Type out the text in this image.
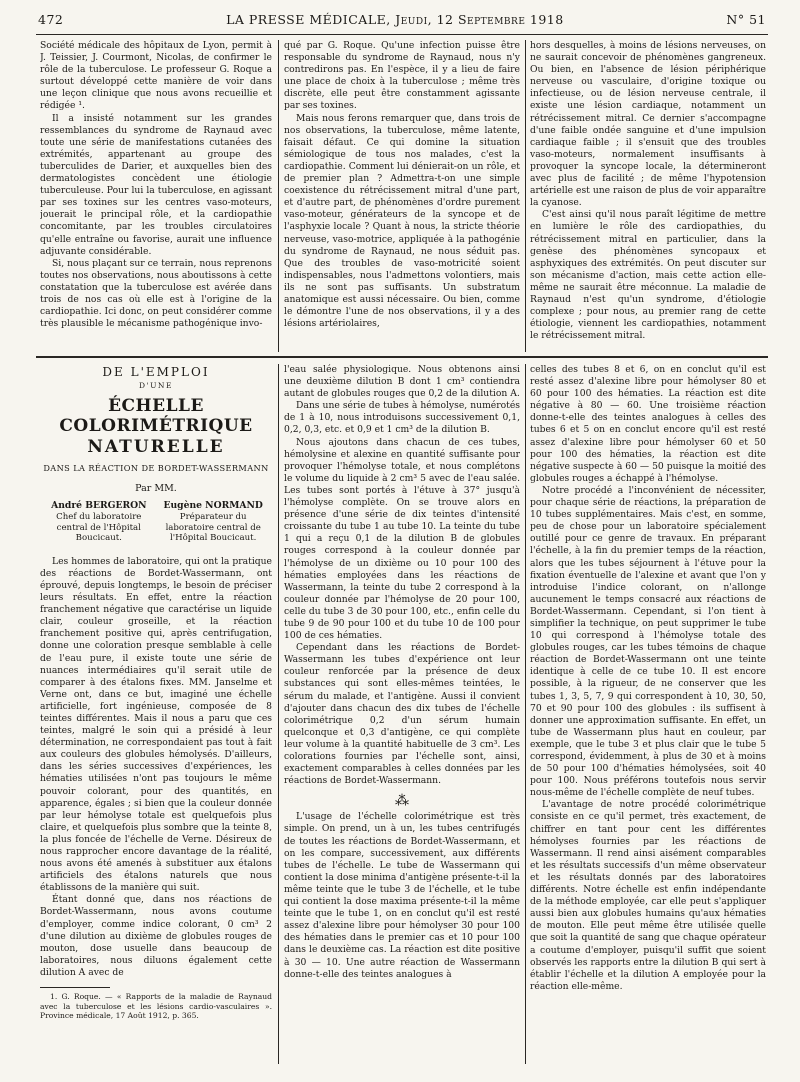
472	LA PRESSE MÉDICALE, Jeudi, 12 Septembre 1918	N° 51

Société médicale des hôpitaux de Lyon, permit à J. Teissier, J. Courmont, Nicolas, de confirmer le rôle de la tuberculose. Le professeur G. Roque a surtout développé cette manière de voir dans une leçon clinique que nous avons recueillie et rédigée ¹.

Il a insisté notamment sur les grandes ressemblances du syndrome de Raynaud avec toute une série de manifestations cutanées des extrémités, appartenant au groupe des tuberculides de Darier, et auxquelles bien des dermatologistes concèdent une étiologie tuberculeuse. Pour lui la tuberculose, en agissant par ses toxines sur les centres vaso-moteurs, jouerait le principal rôle, et la cardiopathie concomitante, par les troubles circulatoires qu'elle entraîne ou favorise, aurait une influence adjuvante considérable.

Si, nous plaçant sur ce terrain, nous reprenons toutes nos observations, nous aboutissons à cette constatation que la tuberculose est avérée dans trois de nos cas où elle est à l'origine de la cardiopathie. Ici donc, on peut considérer comme très plausible le mécanisme pathogénique invo-

qué par G. Roque. Qu'une infection puisse être responsable du syndrome de Raynaud, nous n'y contredirons pas. En l'espèce, il y a lieu de faire une place de choix à la tuberculose ; même très discrète, elle peut être constamment agissante par ses toxines.

Mais nous ferons remarquer que, dans trois de nos observations, la tuberculose, même latente, faisait défaut. Ce qui domine la situation sémiologique de tous nos malades, c'est la cardiopathie. Comment lui dénierait-on un rôle, et de premier plan ? Admettra-t-on une simple coexistence du rétrécissement mitral d'une part, et d'autre part, de phénomènes d'ordre purement vaso-moteur, générateurs de la syncope et de l'asphyxie locale ? Quant à nous, la stricte théorie nerveuse, vaso-motrice, appliquée à la pathogénie du syndrome de Raynaud, ne nous séduit pas. Que des troubles de vaso-motricité soient indispensables, nous l'admettons volontiers, mais ils ne sont pas suffisants. Un substratum anatomique est aussi nécessaire. Ou bien, comme le démontre l'une de nos observations, il y a des lésions artériolaires,

hors desquelles, à moins de lésions nerveuses, on ne saurait concevoir de phénomènes gangreneux. Ou bien, en l'absence de lésion périphérique nerveuse ou vasculaire, d'origine toxique ou infectieuse, ou de lésion nerveuse centrale, il existe une lésion cardiaque, notamment un rétrécissement mitral. Ce dernier s'accompagne d'une faible ondée sanguine et d'une impulsion cardiaque faible ; il s'ensuit que des troubles vaso-moteurs, normalement insuffisants à provoquer la syncope locale, la détermineront avec plus de facilité ; de même l'hypotension artérielle est une raison de plus de voir apparaître la cyanose.

C'est ainsi qu'il nous paraît légitime de mettre en lumière le rôle des cardiopathies, du rétrécissement mitral en particulier, dans la genèse des phénomènes syncopaux et asphyxiques des extrémités. On peut discuter sur son mécanisme d'action, mais cette action elle-même ne saurait être méconnue. La maladie de Raynaud n'est qu'un syndrome, d'étiologie complexe ; pour nous, au premier rang de cette étiologie, viennent les cardiopathies, notamment le rétrécissement mitral.

DE L'EMPLOI
D'UNE
ÉCHELLE COLORIMÉTRIQUE
NATURELLE
DANS LA RÉACTION DE BORDET-WASSERMANN
Par MM.
André BERGERON
Chef du laboratoire central de l'Hôpital Boucicaut.
Eugène NORMAND
Préparateur du laboratoire central de l'Hôpital Boucicaut.

Les hommes de laboratoire, qui ont la pratique des réactions de Bordet-Wassermann, ont éprouvé, depuis longtemps, le besoin de préciser leurs résultats. En effet, entre la réaction franchement négative que caractérise un liquide clair, couleur groseille, et la réaction franchement positive qui, après centrifugation, donne une coloration presque semblable à celle de l'eau pure, il existe toute une série de nuances intermédiaires qu'il serait utile de comparer à des étalons fixes. MM. Janselme et Verne ont, dans ce but, imaginé une échelle artificielle, fort ingénieuse, composée de 8 teintes différentes. Mais il nous a paru que ces teintes, malgré le soin qui a présidé à leur détermination, ne correspondaient pas tout à fait aux couleurs des globules hémolysés. D'ailleurs, dans les séries successives d'expériences, les hématies utilisées n'ont pas toujours le même pouvoir colorant, pour des quantités, en apparence, égales ; si bien que la couleur donnée par leur hémolyse totale est quelquefois plus claire, et quelquefois plus sombre que la teinte 8, la plus foncée de l'échelle de Verne. Désireux de nous rapprocher encore davantage de la réalité, nous avons été amenés à substituer aux étalons artificiels des étalons naturels que nous établissons de la manière qui suit.

Étant donné que, dans nos réactions de Bordet-Wassermann, nous avons coutume d'employer, comme indice colorant, 0 cm³ 2 d'une dilution au dixième de globules rouges de mouton, dose usuelle dans beaucoup de laboratoires, nous diluons également cette dilution A avec de

1. G. Roque. — « Rapports de la maladie de Raynaud avec la tuberculose et les lésions cardio-vasculaires ». Province médicale, 17 Août 1912, p. 365.

l'eau salée physiologique. Nous obtenons ainsi une deuxième dilution B dont 1 cm³ contiendra autant de globules rouges que 0,2 de la dilution A.

Dans une série de tubes à hémolyse, numérotés de 1 à 10, nous introduisons successivement 0,1, 0,2, 0,3, etc. et 0,9 et 1 cm³ de la dilution B.

Nous ajoutons dans chacun de ces tubes, hémolysine et alexine en quantité suffisante pour provoquer l'hémolyse totale, et nous complétons le volume du liquide à 2 cm³ 5 avec de l'eau salée. Les tubes sont portés à l'étuve à 37° jusqu'à l'hémolyse complète. On se trouve alors en présence d'une série de dix teintes d'intensité croissante du tube 1 au tube 10. La teinte du tube 1 qui a reçu 0,1 de la dilution B de globules rouges correspond à la couleur donnée par l'hémolyse de un dixième ou 10 pour 100 des hématies employées dans les réactions de Wassermann, la teinte du tube 2 correspond à la couleur donnée par l'hémolyse de 20 pour 100, celle du tube 3 de 30 pour 100, etc., enfin celle du tube 9 de 90 pour 100 et du tube 10 de 100 pour 100 de ces hématies.

Cependant dans les réactions de Bordet-Wassermann les tubes d'expérience ont leur couleur renforcée par la présence de deux substances qui sont elles-mêmes teintées, le sérum du malade, et l'antigène. Aussi il convient d'ajouter dans chacun des dix tubes de l'échelle colorimétrique 0,2 d'un sérum humain quelconque et 0,3 d'antigène, ce qui complète leur volume à la quantité habituelle de 3 cm³. Les colorations fournies par l'échelle sont, ainsi, exactement comparables à celles données par les réactions de Bordet-Wassermann.

⁂

L'usage de l'échelle colorimétrique est très simple. On prend, un à un, les tubes centrifugés de toutes les réactions de Bordet-Wassermann, et on les compare, successivement, aux différents tubes de l'échelle. Le tube de Wassermann qui contient la dose minima d'antigène présente-t-il la même teinte que le tube 3 de l'échelle, et le tube qui contient la dose maxima présente-t-il la même teinte que le tube 1, on en conclut qu'il est resté assez d'alexine libre pour hémolyser 30 pour 100 des hématies dans le premier cas et 10 pour 100 dans le deuxième cas. La réaction est dite positive à 30 — 10. Une autre réaction de Wassermann donne-t-elle des teintes analogues à

celles des tubes 8 et 6, on en conclut qu'il est resté assez d'alexine libre pour hémolyser 80 et 60 pour 100 des hématies. La réaction est dite négative à 80 — 60. Une troisième réaction donne-t-elle des teintes analogues à celles des tubes 6 et 5 on en conclut encore qu'il est resté assez d'alexine libre pour hémolyser 60 et 50 pour 100 des hématies, la réaction est dite négative suspecte à 60 — 50 puisque la moitié des globules rouges a échappé à l'hémolyse.

Notre procédé a l'inconvénient de nécessiter, pour chaque série de réactions, la préparation de 10 tubes supplémentaires. Mais c'est, en somme, peu de chose pour un laboratoire spécialement outillé pour ce genre de travaux. En préparant l'échelle, à la fin du premier temps de la réaction, alors que les tubes séjournent à l'étuve pour la fixation éventuelle de l'alexine et avant que l'on y introduise l'indice colorant, on n'allonge aucunement le temps consacré aux réactions de Bordet-Wassermann. Cependant, si l'on tient à simplifier la technique, on peut supprimer le tube 10 qui correspond à l'hémolyse totale des globules rouges, car les tubes témoins de chaque réaction de Bordet-Wassermann ont une teinte identique à celle de ce tube 10. Il est encore possible, à la rigueur, de ne conserver que les tubes 1, 3, 5, 7, 9 qui correspondent à 10, 30, 50, 70 et 90 pour 100 des globules : ils suffisent à donner une approximation suffisante. En effet, un tube de Wassermann plus haut en couleur, par exemple, que le tube 3 et plus clair que le tube 5 correspond, évidemment, à plus de 30 et à moins de 50 pour 100 d'hématies hémolysées, soit 40 pour 100. Nous préférons toutefois nous servir nous-même de l'échelle complète de neuf tubes.

L'avantage de notre procédé colorimétrique consiste en ce qu'il permet, très exactement, de chiffrer en tant pour cent les différentes hémolyses fournies par les réactions de Wassermann. Il rend ainsi aisément comparables et les résultats successifs d'un même observateur et les résultats donnés par des laboratoires différents. Notre échelle est enfin indépendante de la méthode employée, car elle peut s'appliquer aussi bien aux globules humains qu'aux hématies de mouton. Elle peut même être utilisée quelle que soit la quantité de sang que chaque opérateur a coutume d'employer, puisqu'il suffit que soient observés les rapports entre la dilution B qui sert à établir l'échelle et la dilution A employée pour la réaction elle-même.
